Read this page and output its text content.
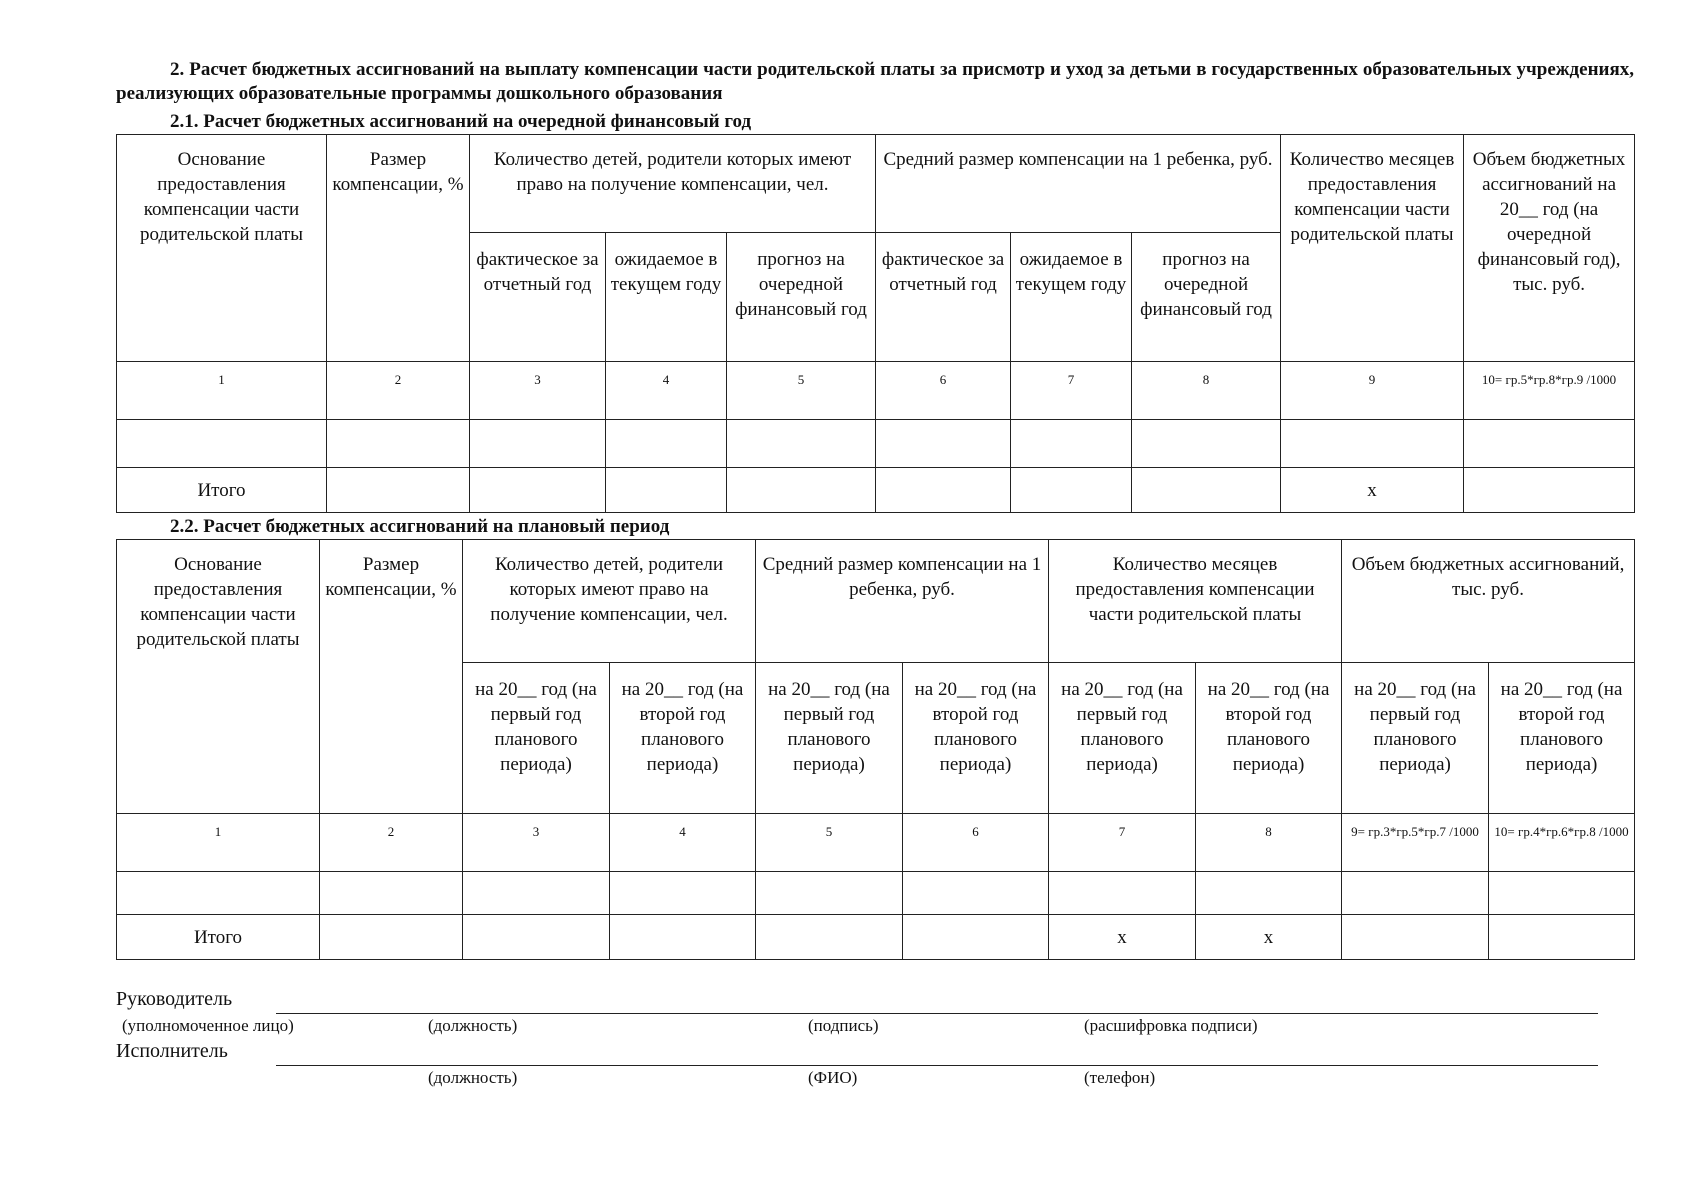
2. Расчет бюджетных ассигнований на выплату компенсации части родительской платы за присмотр и уход за детьми в государственных образовательных учреждениях, реализующих образовательные программы дошкольного образования
2.1. Расчет бюджетных ассигнований на очередной финансовый год
Основание предоставления компенсации части родительской платы	Размер компенсации, %	Количество детей, родители которых имеют право на получение компенсации, чел.			Средний размер компенсации на 1 ребенка, руб.			Количество месяцев предоставления компенсации части родительской платы	Объем бюджетных ассигнований на 20__ год (на очередной финансовый год), тыс. руб.
		фактическое за отчетный год	ожидаемое в текущем году	прогноз на очередной финансовый год	фактическое за отчетный год	ожидаемое в текущем году	прогноз на очередной финансовый год		
1	2	3	4	5	6	7	8	9	10= гр.5*гр.8*гр.9 /1000

Итого								х	
2.2. Расчет бюджетных ассигнований на плановый период
Основание предоставления компенсации части родительской платы	Размер компенсации, %	Количество детей, родители которых имеют право на получение компенсации, чел.		Средний размер компенсации на 1 ребенка, руб.		Количество месяцев предоставления компенсации части родительской платы		Объем бюджетных ассигнований, тыс. руб.	
		на 20__ год (на первый год планового периода)	на 20__ год (на второй год планового периода)	на 20__ год (на первый год планового периода)	на 20__ год (на второй год планового периода)	на 20__ год (на первый год планового периода)	на 20__ год (на второй год планового периода)	на 20__ год (на первый год планового периода)	на 20__ год (на второй год планового периода)
1	2	3	4	5	6	7	8	9= гр.3*гр.5*гр.7 /1000	10= гр.4*гр.6*гр.8 /1000

Итого						х	х		
Руководитель
(уполномоченное лицо)	(должность)	(подпись)	(расшифровка подписи)
Исполнитель
(должность)	(ФИО)	(телефон)
